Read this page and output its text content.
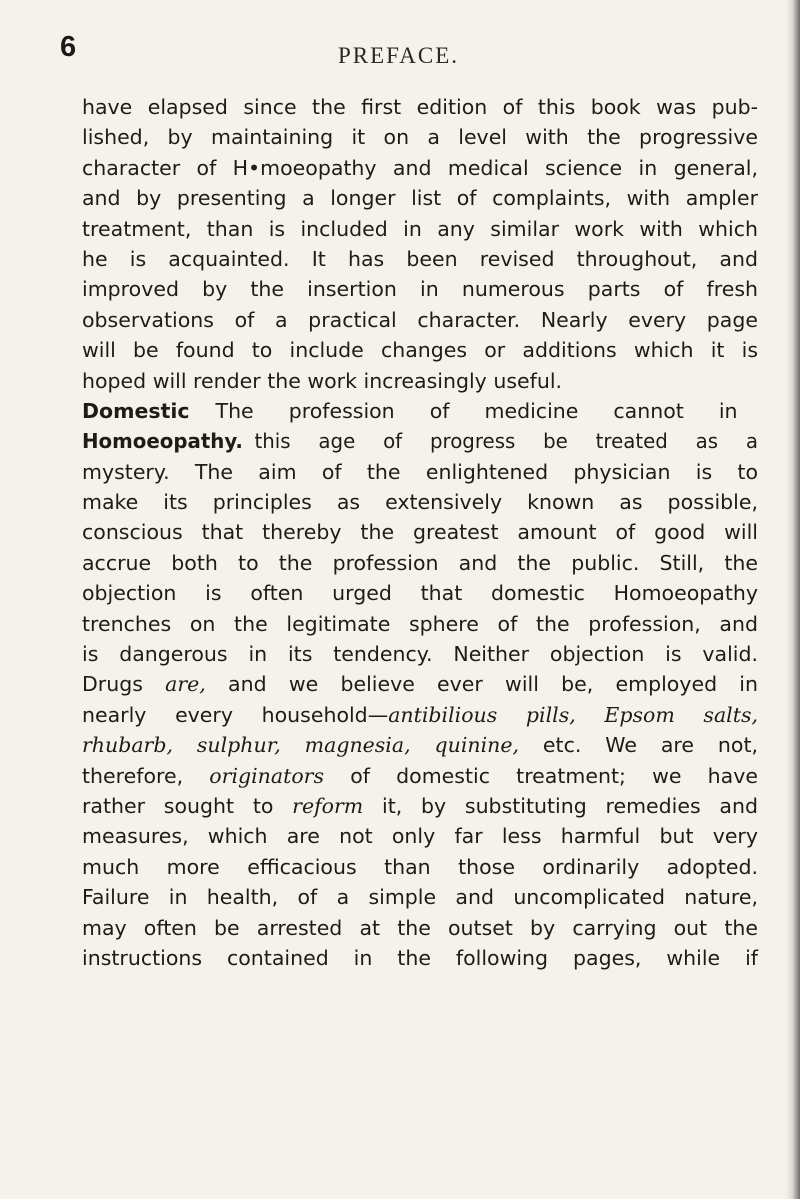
6	PREFACE.
have elapsed since the first edition of this book was pub-
lished, by maintaining it on a level with the progressive
character of H•moeopathy and medical science in general,
and by presenting a longer list of complaints, with ampler
treatment, than is included in any similar work with which
he is acquainted. It has been revised throughout, and
improved by the insertion in numerous parts of fresh
observations of a practical character. Nearly every page
will be found to include changes or additions which it is
hoped will render the work increasingly useful.
Domestic The profession of medicine cannot in
Homoeopathy. this age of progress be treated as a
mystery. The aim of the enlightened physician is to
make its principles as extensively known as possible,
conscious that thereby the greatest amount of good will
accrue both to the profession and the public. Still, the
objection is often urged that domestic Homoeopathy
trenches on the legitimate sphere of the profession, and
is dangerous in its tendency. Neither objection is valid.
Drugs are, and we believe ever will be, employed in
nearly every household—antibilious pills, Epsom salts,
rhubarb, sulphur, magnesia, quinine, etc. We are not,
therefore, originators of domestic treatment; we have
rather sought to reform it, by substituting remedies and
measures, which are not only far less harmful but very
much more efficacious than those ordinarily adopted.
Failure in health, of a simple and uncomplicated nature,
may often be arrested at the outset by carrying out the
instructions contained in the following pages, while if
